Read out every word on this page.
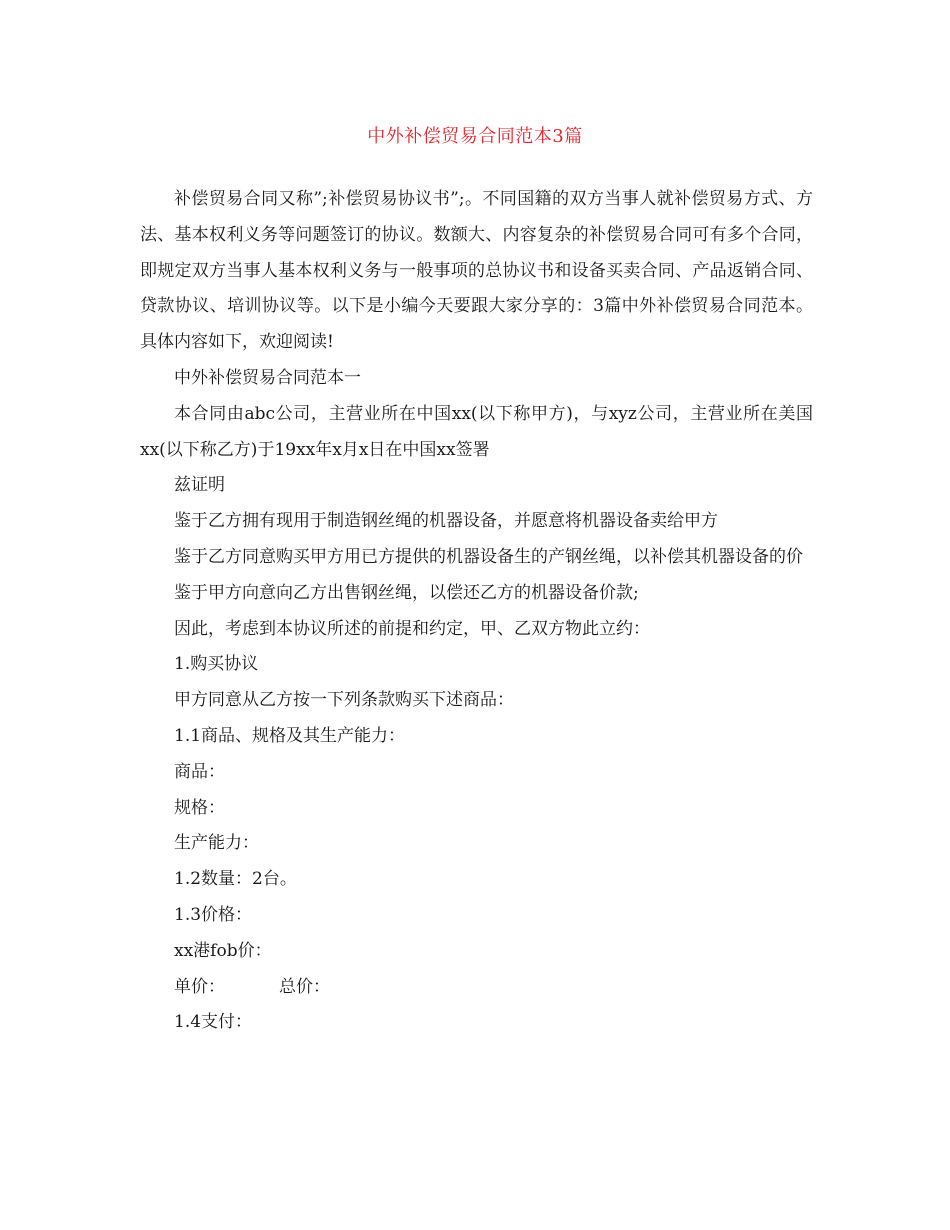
中外补偿贸易合同范本3篇

补偿贸易合同又称”;补偿贸易协议书”;。不同国籍的双方当事人就补偿贸易方式、方法、基本权利义务等问题签订的协议。数额大、内容复杂的补偿贸易合同可有多个合同，即规定双方当事人基本权利义务与一般事项的总协议书和设备买卖合同、产品返销合同、贷款协议、培训协议等。以下是小编今天要跟大家分享的：3篇中外补偿贸易合同范本。具体内容如下，欢迎阅读!

中外补偿贸易合同范本一

本合同由abc公司，主营业所在中国xx(以下称甲方)，与xyz公司，主营业所在美国xx(以下称乙方)于19xx年x月x日在中国xx签署

兹证明

鉴于乙方拥有现用于制造钢丝绳的机器设备，并愿意将机器设备卖给甲方

鉴于乙方同意购买甲方用已方提供的机器设备生的产钢丝绳，以补偿其机器设备的价

鉴于甲方向意向乙方出售钢丝绳，以偿还乙方的机器设备价款;

因此，考虑到本协议所述的前提和约定，甲、乙双方物此立约：

1.购买协议

甲方同意从乙方按一下列条款购买下述商品：

1.1商品、规格及其生产能力：

商品：

规格：

生产能力：

1.2数量：2台。

1.3价格：

xx港fob价：

单价：	总价：

1.4支付：
